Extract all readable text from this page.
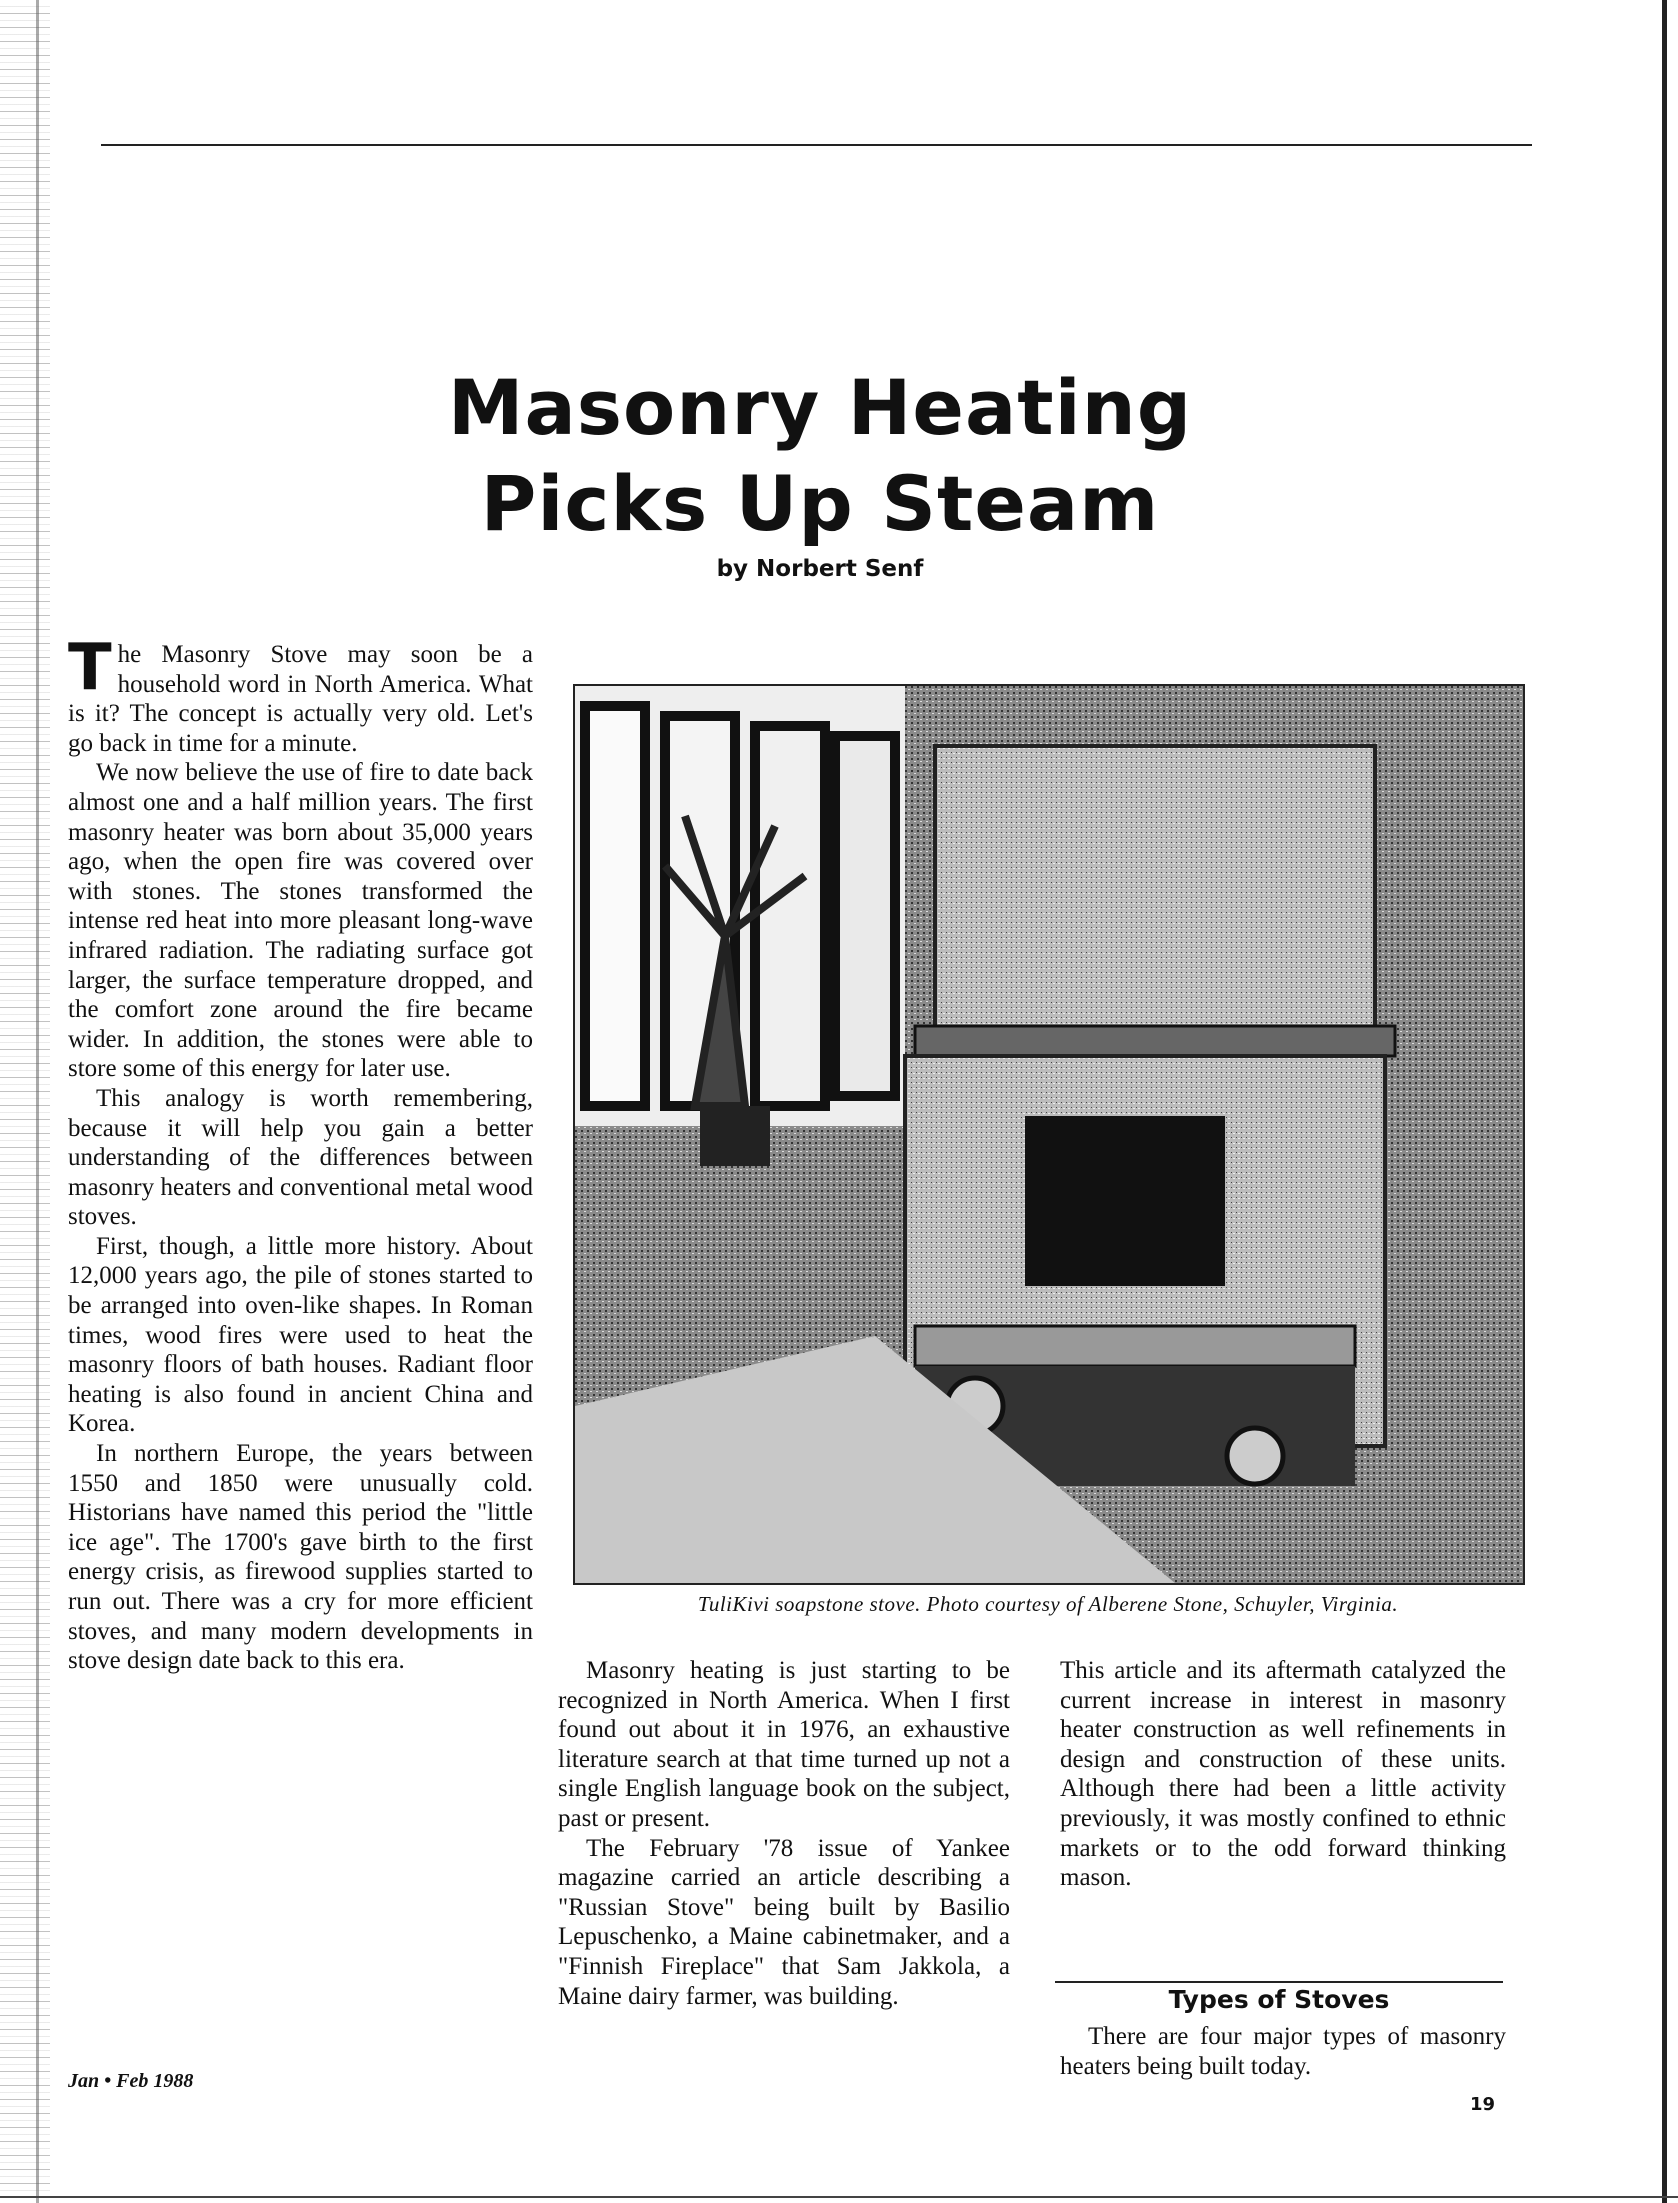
Masonry Heating
Picks Up Steam
by Norbert Senf

The Masonry Stove may soon be a household word in North America. What is it? The concept is actually very old. Let's go back in time for a minute.

We now believe the use of fire to date back almost one and a half million years. The first masonry heater was born about 35,000 years ago, when the open fire was covered over with stones. The stones transformed the intense red heat into more pleasant long-wave infrared radiation. The radiating surface got larger, the surface temperature dropped, and the comfort zone around the fire became wider. In addition, the stones were able to store some of this energy for later use.

This analogy is worth remembering, because it will help you gain a better understanding of the differences between masonry heaters and conventional metal wood stoves.

First, though, a little more history. About 12,000 years ago, the pile of stones started to be arranged into oven-like shapes. In Roman times, wood fires were used to heat the masonry floors of bath houses. Radiant floor heating is also found in ancient China and Korea.

In northern Europe, the years between 1550 and 1850 were unusually cold. Historians have named this period the "little ice age". The 1700's gave birth to the first energy crisis, as firewood supplies started to run out. There was a cry for more efficient stoves, and many modern developments in stove design date back to this era.

TuliKivi soapstone stove. Photo courtesy of Alberene Stone, Schuyler, Virginia.

Masonry heating is just starting to be recognized in North America. When I first found out about it in 1976, an exhaustive literature search at that time turned up not a single English language book on the subject, past or present.

The February '78 issue of Yankee magazine carried an article describing a "Russian Stove" being built by Basilio Lepuschenko, a Maine cabinetmaker, and a "Finnish Fireplace" that Sam Jakkola, a Maine dairy farmer, was building.

This article and its aftermath catalyzed the current increase in interest in masonry heater construction as well refinements in design and construction of these units. Although there had been a little activity previously, it was mostly confined to ethnic markets or to the odd forward thinking mason.

Types of Stoves

There are four major types of masonry heaters being built today.

Jan • Feb 1988
19
